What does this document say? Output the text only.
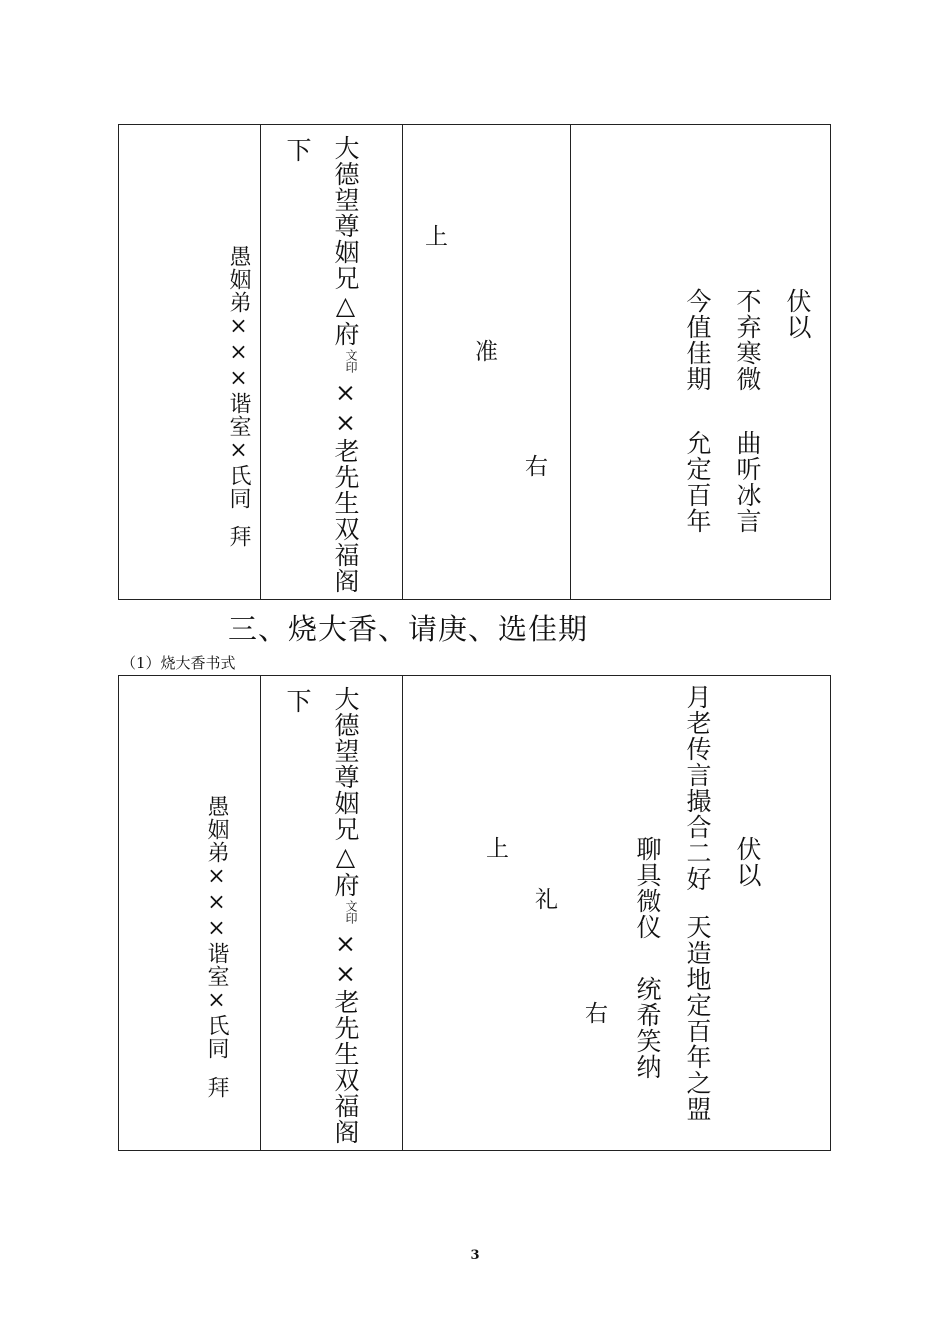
愚姻弟×××谐室×氏同
拜
下 大德望尊姻兄△府
文印
××老先生双福阁
上
准
右
伏以
不弃寒微
曲听冰言
今值佳期
允定百年
三、烧大香、请庚、选佳期
（1）烧大香书式
愚姻弟×××谐室×氏同
拜
下 大德望尊姻兄△府
文印
××老先生双福阁
上
礼
右
伏以
月老传言撮合二好
天造地定百年之盟
聊具微仪
统希笑纳
3
